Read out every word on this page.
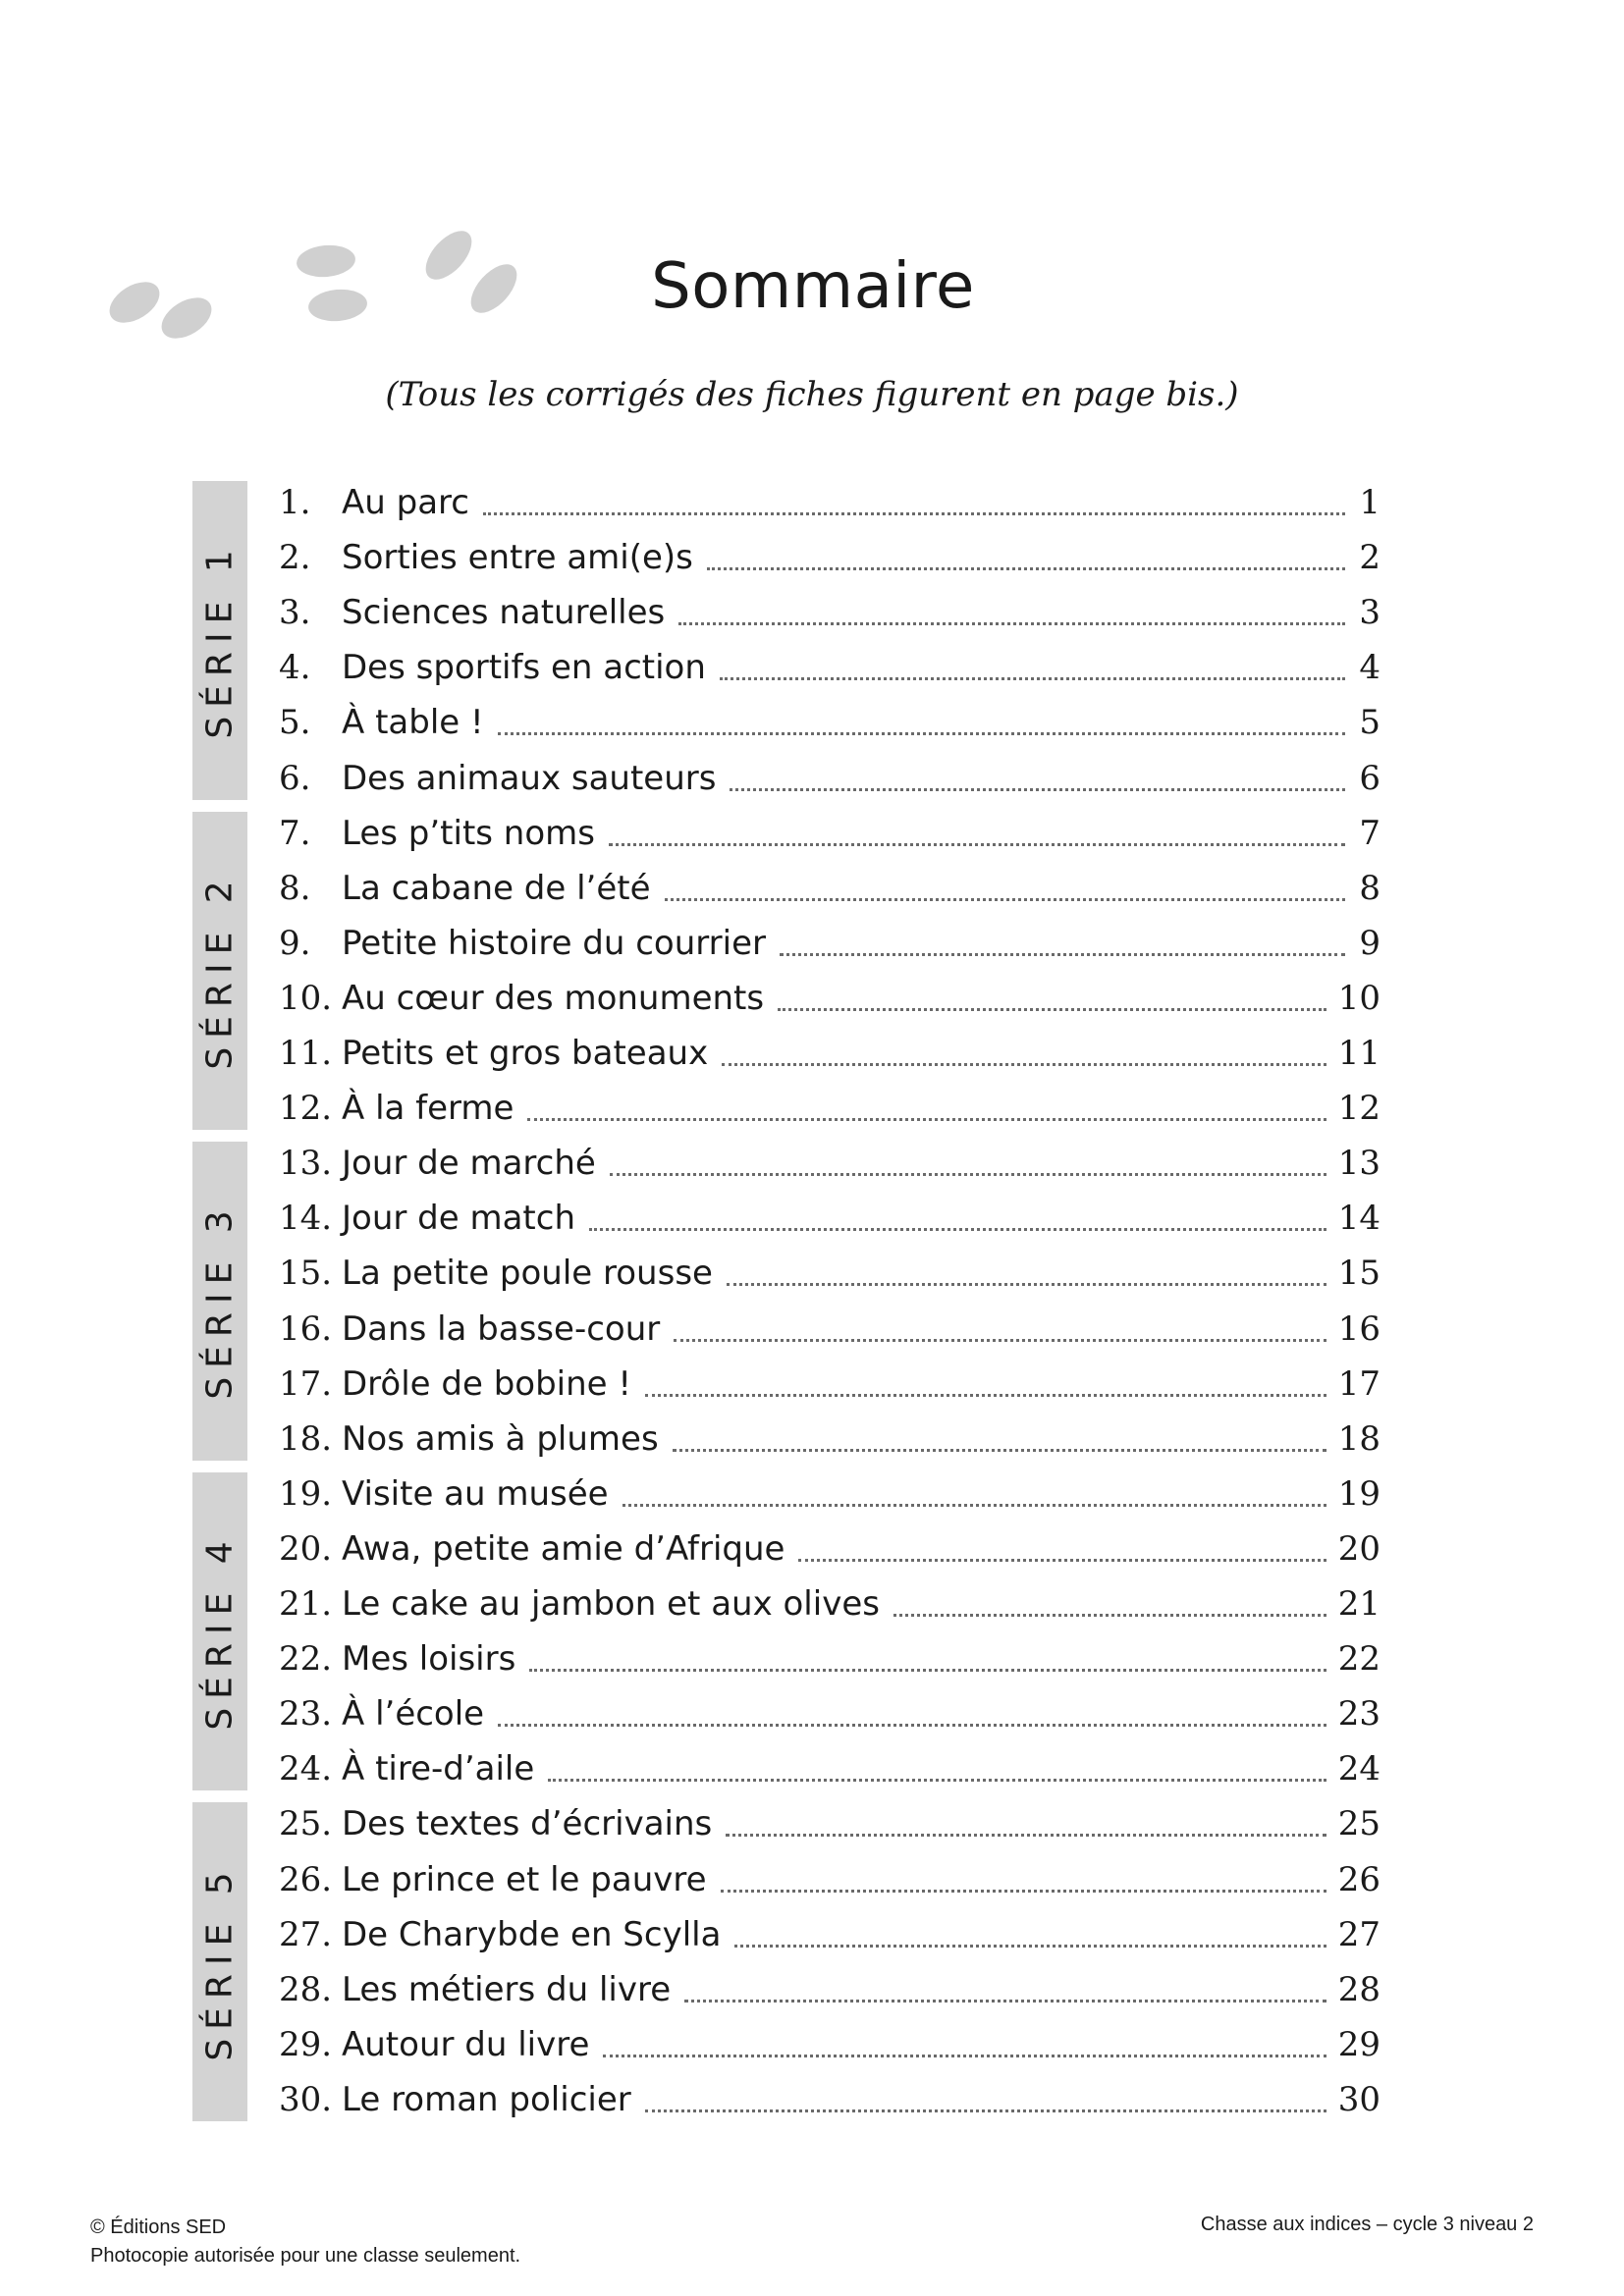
Sommaire
(Tous les corrigés des fiches figurent en page bis.)
SÉRIE 1
SÉRIE 2
SÉRIE 3
SÉRIE 4
SÉRIE 5
1. Au parc	1
2. Sorties entre ami(e)s	2
3. Sciences naturelles	3
4. Des sportifs en action	4
5. À table !	5
6. Des animaux sauteurs	6
7. Les p’tits noms	7
8. La cabane de l’été	8
9. Petite histoire du courrier	9
10. Au cœur des monuments	10
11. Petits et gros bateaux	11
12. À la ferme	12
13. Jour de marché	13
14. Jour de match	14
15. La petite poule rousse	15
16. Dans la basse-cour	16
17. Drôle de bobine !	17
18. Nos amis à plumes	18
19. Visite au musée	19
20. Awa, petite amie d’Afrique	20
21. Le cake au jambon et aux olives	21
22. Mes loisirs	22
23. À l’école	23
24. À tire-d’aile	24
25. Des textes d’écrivains	25
26. Le prince et le pauvre	26
27. De Charybde en Scylla	27
28. Les métiers du livre	28
29. Autour du livre	29
30. Le roman policier	30
© Éditions SED
Photocopie autorisée pour une classe seulement.
Chasse aux indices – cycle 3 niveau 2
